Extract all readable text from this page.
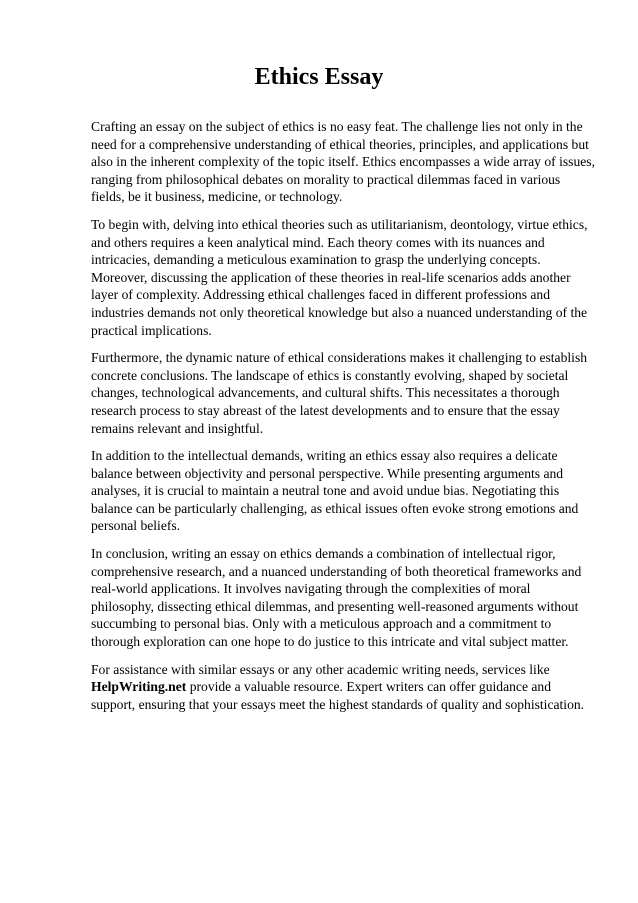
Ethics Essay

Crafting an essay on the subject of ethics is no easy feat. The challenge lies not only in the need for a comprehensive understanding of ethical theories, principles, and applications but also in the inherent complexity of the topic itself. Ethics encompasses a wide array of issues, ranging from philosophical debates on morality to practical dilemmas faced in various fields, be it business, medicine, or technology.

To begin with, delving into ethical theories such as utilitarianism, deontology, virtue ethics, and others requires a keen analytical mind. Each theory comes with its nuances and intricacies, demanding a meticulous examination to grasp the underlying concepts. Moreover, discussing the application of these theories in real-life scenarios adds another layer of complexity. Addressing ethical challenges faced in different professions and industries demands not only theoretical knowledge but also a nuanced understanding of the practical implications.

Furthermore, the dynamic nature of ethical considerations makes it challenging to establish concrete conclusions. The landscape of ethics is constantly evolving, shaped by societal changes, technological advancements, and cultural shifts. This necessitates a thorough research process to stay abreast of the latest developments and to ensure that the essay remains relevant and insightful.

In addition to the intellectual demands, writing an ethics essay also requires a delicate balance between objectivity and personal perspective. While presenting arguments and analyses, it is crucial to maintain a neutral tone and avoid undue bias. Negotiating this balance can be particularly challenging, as ethical issues often evoke strong emotions and personal beliefs.

In conclusion, writing an essay on ethics demands a combination of intellectual rigor, comprehensive research, and a nuanced understanding of both theoretical frameworks and real-world applications. It involves navigating through the complexities of moral philosophy, dissecting ethical dilemmas, and presenting well-reasoned arguments without succumbing to personal bias. Only with a meticulous approach and a commitment to thorough exploration can one hope to do justice to this intricate and vital subject matter.

For assistance with similar essays or any other academic writing needs, services like HelpWriting.net provide a valuable resource. Expert writers can offer guidance and support, ensuring that your essays meet the highest standards of quality and sophistication.
